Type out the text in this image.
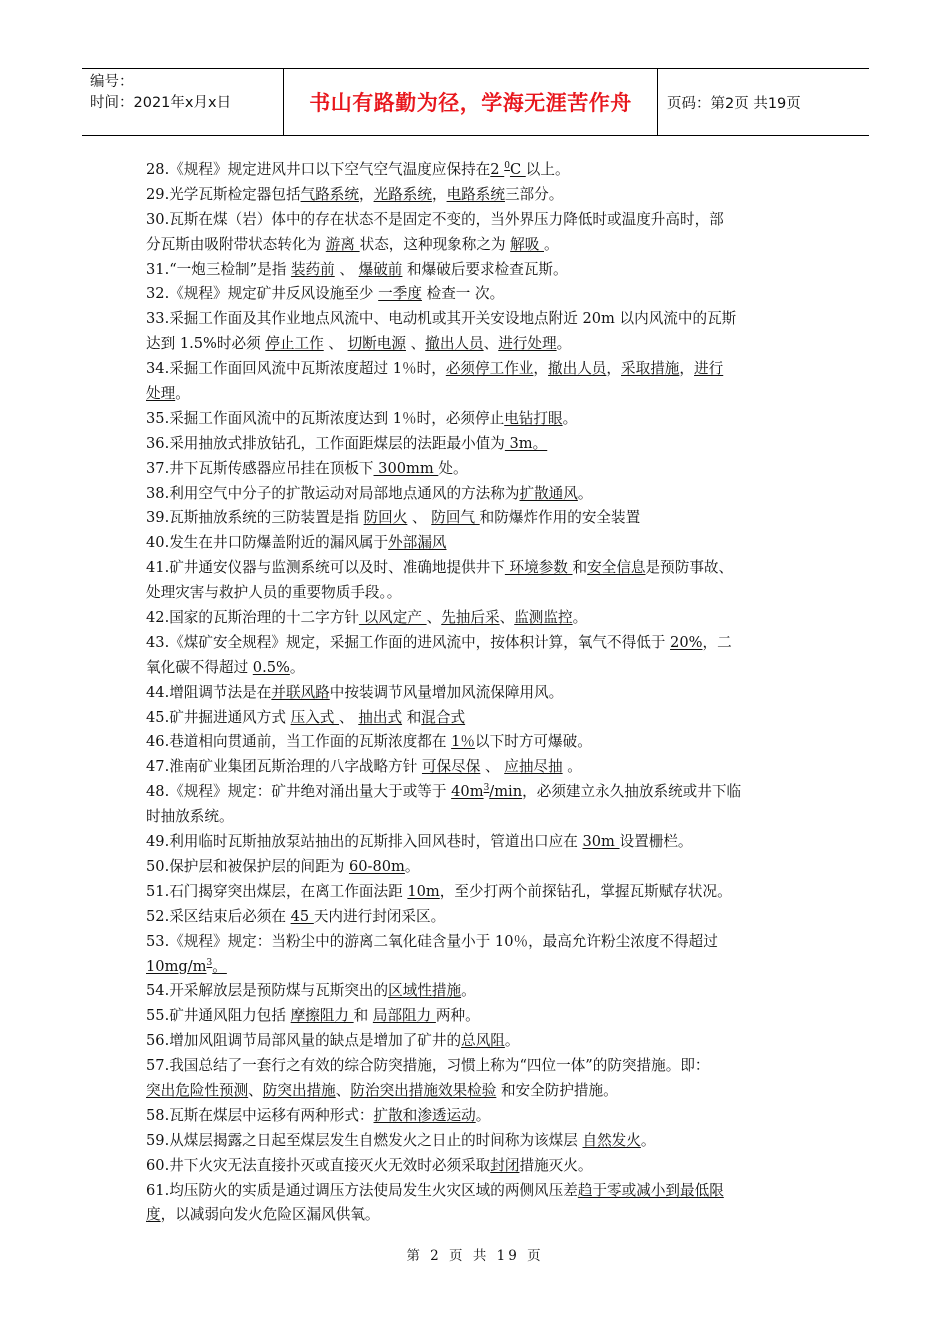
编号：
时间：2021年x月x日	书山有路勤为径，学海无涯苦作舟	页码：第2页 共19页
28.《规程》规定进风井口以下空气空气温度应保持在2 $^0$C 以上。
29.光学瓦斯检定器包括气路系统，光路系统，电路系统三部分。
30.瓦斯在煤（岩）体中的存在状态不是固定不变的，当外界压力降低时或温度升高时，部
分瓦斯由吸附带状态转化为 游离 状态，这种现象称之为 解吸 。
31.“一炮三检制”是指 装药前 、 爆破前 和爆破后要求检查瓦斯。
32.《规程》规定矿井反风设施至少 一季度 检查一 次。
33.采掘工作面及其作业地点风流中、电动机或其开关安设地点附近 20m 以内风流中的瓦斯
达到 1.5%时必须 停止工作 、 切断电源 、撤出人员、进行处理。
34.采掘工作面回风流中瓦斯浓度超过 1％时，必须停工作业，撤出人员，采取措施，进行
处理。
35.采掘工作面风流中的瓦斯浓度达到 1％时，必须停止电钻打眼。
36.采用抽放式排放钻孔，工作面距煤层的法距最小值为 3m。
37.井下瓦斯传感器应吊挂在顶板下 300mm 处。
38.利用空气中分子的扩散运动对局部地点通风的方法称为扩散通风。
39.瓦斯抽放系统的三防装置是指 防回火 、 防回气 和防爆炸作用的安全装置
40.发生在井口防爆盖附近的漏风属于外部漏风
41.矿井通安仪器与监测系统可以及时、准确地提供井下 环境参数 和安全信息是预防事故、
处理灾害与救护人员的重要物质手段。。
42.国家的瓦斯治理的十二字方针 以风定产 、先抽后采、监测监控。
43.《煤矿安全规程》规定，采掘工作面的进风流中，按体积计算，氧气不得低于 20%，二
氧化碳不得超过 0.5%。
44.增阻调节法是在并联风路中按装调节风量增加风流保障用风。
45.矿井掘进通风方式 压入式 、 抽出式 和混合式
46.巷道相向贯通前，当工作面的瓦斯浓度都在 1％以下时方可爆破。
47.淮南矿业集团瓦斯治理的八字战略方针 可保尽保 、 应抽尽抽 。
48.《规程》规定：矿井绝对涌出量大于或等于 $40m^3/\min$，必须建立永久抽放系统或井下临
时抽放系统。
49.利用临时瓦斯抽放泵站抽出的瓦斯排入回风巷时，管道出口应在 30m 设置栅栏。
50.保护层和被保护层的间距为 60-80m。
51.石门揭穿突出煤层，在离工作面法距 10m，至少打两个前探钻孔，掌握瓦斯赋存状况。
52.采区结束后必须在 45 天内进行封闭采区。
53.《规程》规定：当粉尘中的游离二氧化硅含量小于 10％，最高允许粉尘浓度不得超过
$10mg/m^3$。
54.开采解放层是预防煤与瓦斯突出的区域性措施。
55.矿井通风阻力包括 摩擦阻力 和 局部阻力 两种。
56.增加风阻调节局部风量的缺点是增加了矿井的总风阻。
57.我国总结了一套行之有效的综合防突措施，习惯上称为“四位一体”的防突措施。即：
突出危险性预测、防突出措施、防治突出措施效果检验 和安全防护措施。
58.瓦斯在煤层中运移有两种形式：扩散和渗透运动。
59.从煤层揭露之日起至煤层发生自燃发火之日止的时间称为该煤层 自然发火。
60.井下火灾无法直接扑灭或直接灭火无效时必须采取封闭措施灭火。
61.均压防火的实质是通过调压方法使局发生火灾区域的两侧风压差趋于零或减小到最低限
度，以减弱向发火危险区漏风供氧。
第 2 页 共 19 页
